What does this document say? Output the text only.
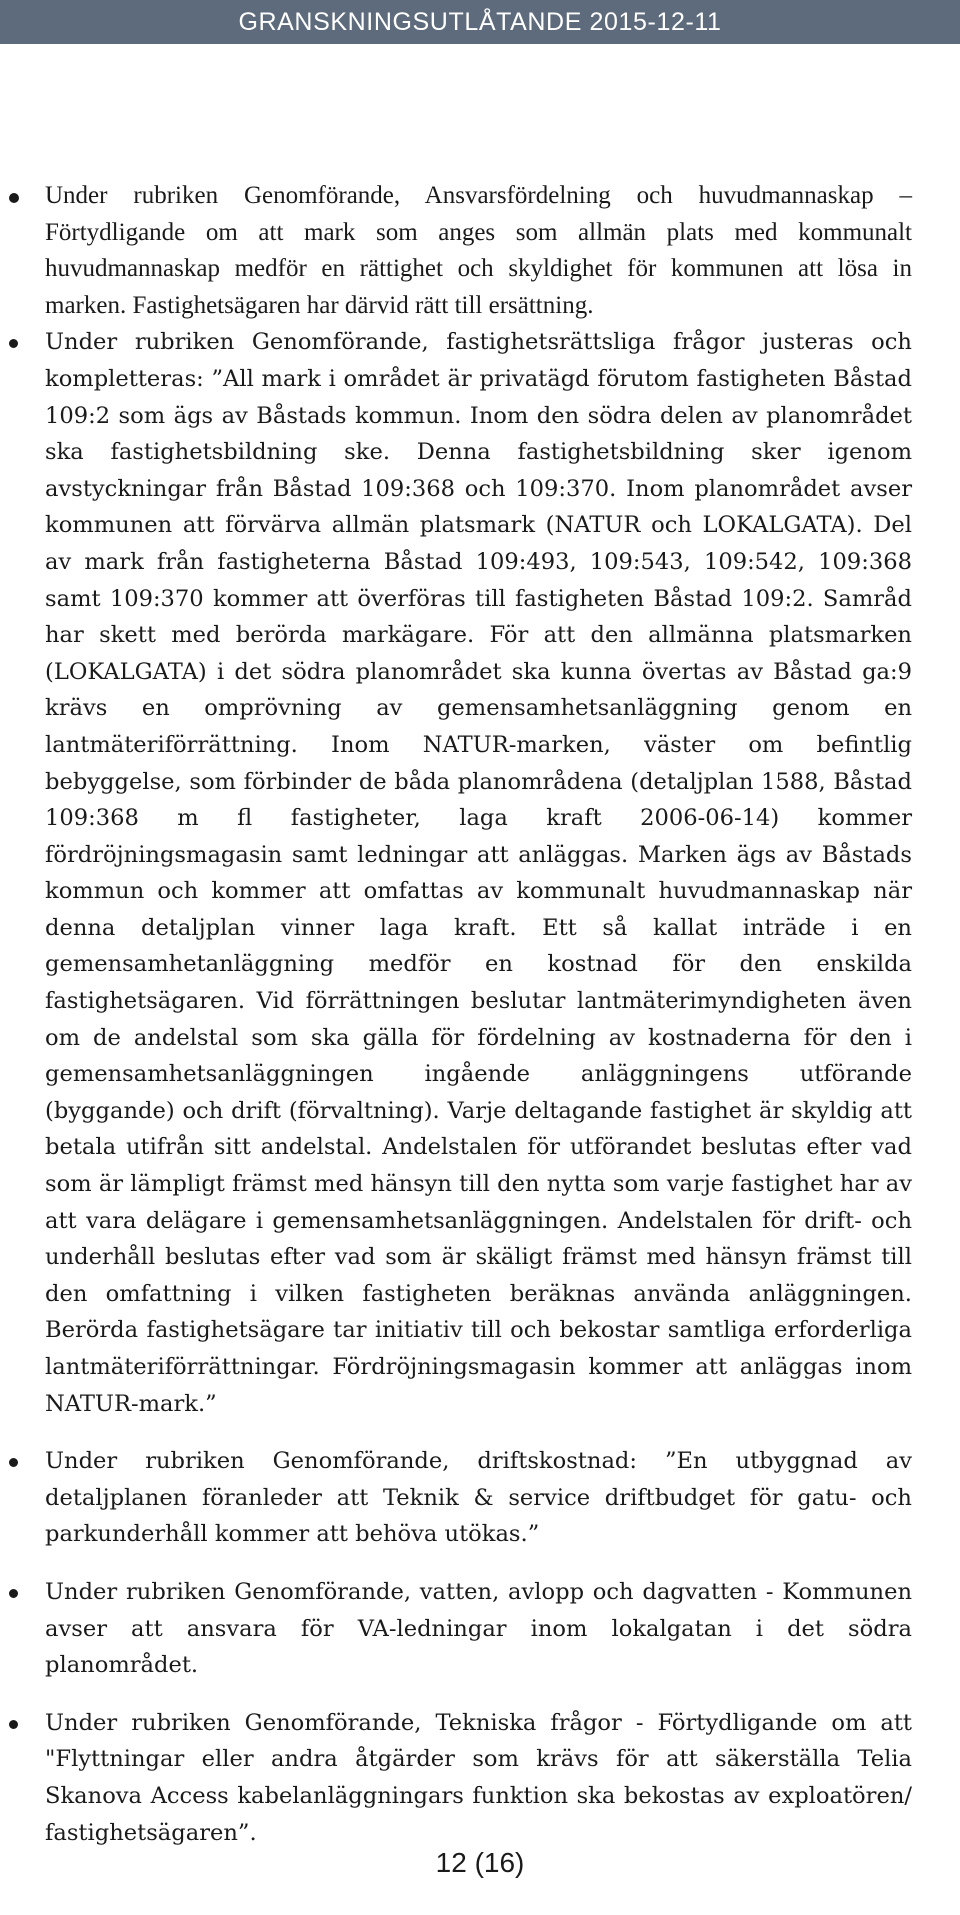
GRANSKNINGSUTLÅTANDE 2015-12-11
Under rubriken Genomförande, Ansvarsfördelning och huvudmannaskap – Förtydligande om att mark som anges som allmän plats med kommunalt huvudmannaskap medför en rättighet och skyldighet för kommunen att lösa in marken. Fastighetsägaren har därvid rätt till ersättning.
Under rubriken Genomförande, fastighetsrättsliga frågor justeras och kompletteras: ”All mark i området är privatägd förutom fastigheten Båstad 109:2 som ägs av Båstads kommun. Inom den södra delen av planområdet ska fastighetsbildning ske. Denna fastighetsbildning sker igenom avstyckningar från Båstad 109:368 och 109:370. Inom planområdet avser kommunen att förvärva allmän platsmark (NATUR och LOKALGATA). Del av mark från fastigheterna Båstad 109:493, 109:543, 109:542, 109:368 samt 109:370 kommer att överföras till fastigheten Båstad 109:2. Samråd har skett med berörda markägare. För att den allmänna platsmarken (LOKALGATA) i det södra planområdet ska kunna övertas av Båstad ga:9 krävs en omprövning av gemensamhetsanläggning genom en lantmäteriförrättning. Inom NATUR-marken, väster om befintlig bebyggelse, som förbinder de båda planområdena (detaljplan 1588, Båstad 109:368 m fl fastigheter, laga kraft 2006-06-14) kommer fördröjningsmagasin samt ledningar att anläggas. Marken ägs av Båstads kommun och kommer att omfattas av kommunalt huvudmannaskap när denna detaljplan vinner laga kraft. Ett så kallat inträde i en gemensamhetanläggning medför en kostnad för den enskilda fastighetsägaren. Vid förrättningen beslutar lantmäterimyndigheten även om de andelstal som ska gälla för fördelning av kostnaderna för den i gemensamhetsanläggningen ingående anläggningens utförande (byggande) och drift (förvaltning). Varje deltagande fastighet är skyldig att betala utifrån sitt andelstal. Andelstalen för utförandet beslutas efter vad som är lämpligt främst med hänsyn till den nytta som varje fastighet har av att vara delägare i gemensamhetsanläggningen. Andelstalen för drift- och underhåll beslutas efter vad som är skäligt främst med hänsyn främst till den omfattning i vilken fastigheten beräknas använda anläggningen. Berörda fastighetsägare tar initiativ till och bekostar samtliga erforderliga lantmäteriförrättningar. Fördröjningsmagasin kommer att anläggas inom NATUR-mark.”
Under rubriken Genomförande, driftskostnad: ”En utbyggnad av detaljplanen föranleder att Teknik & service driftbudget för gatu- och parkunderhåll kommer att behöva utökas.”
Under rubriken Genomförande, vatten, avlopp och dagvatten - Kommunen avser att ansvara för VA-ledningar inom lokalgatan i det södra planområdet.
Under rubriken Genomförande, Tekniska frågor - Förtydligande om att "Flyttningar eller andra åtgärder som krävs för att säkerställa Telia Skanova Access kabelanläggningars funktion ska bekostas av exploatören/ fastighetsägaren”.
12 (16)
